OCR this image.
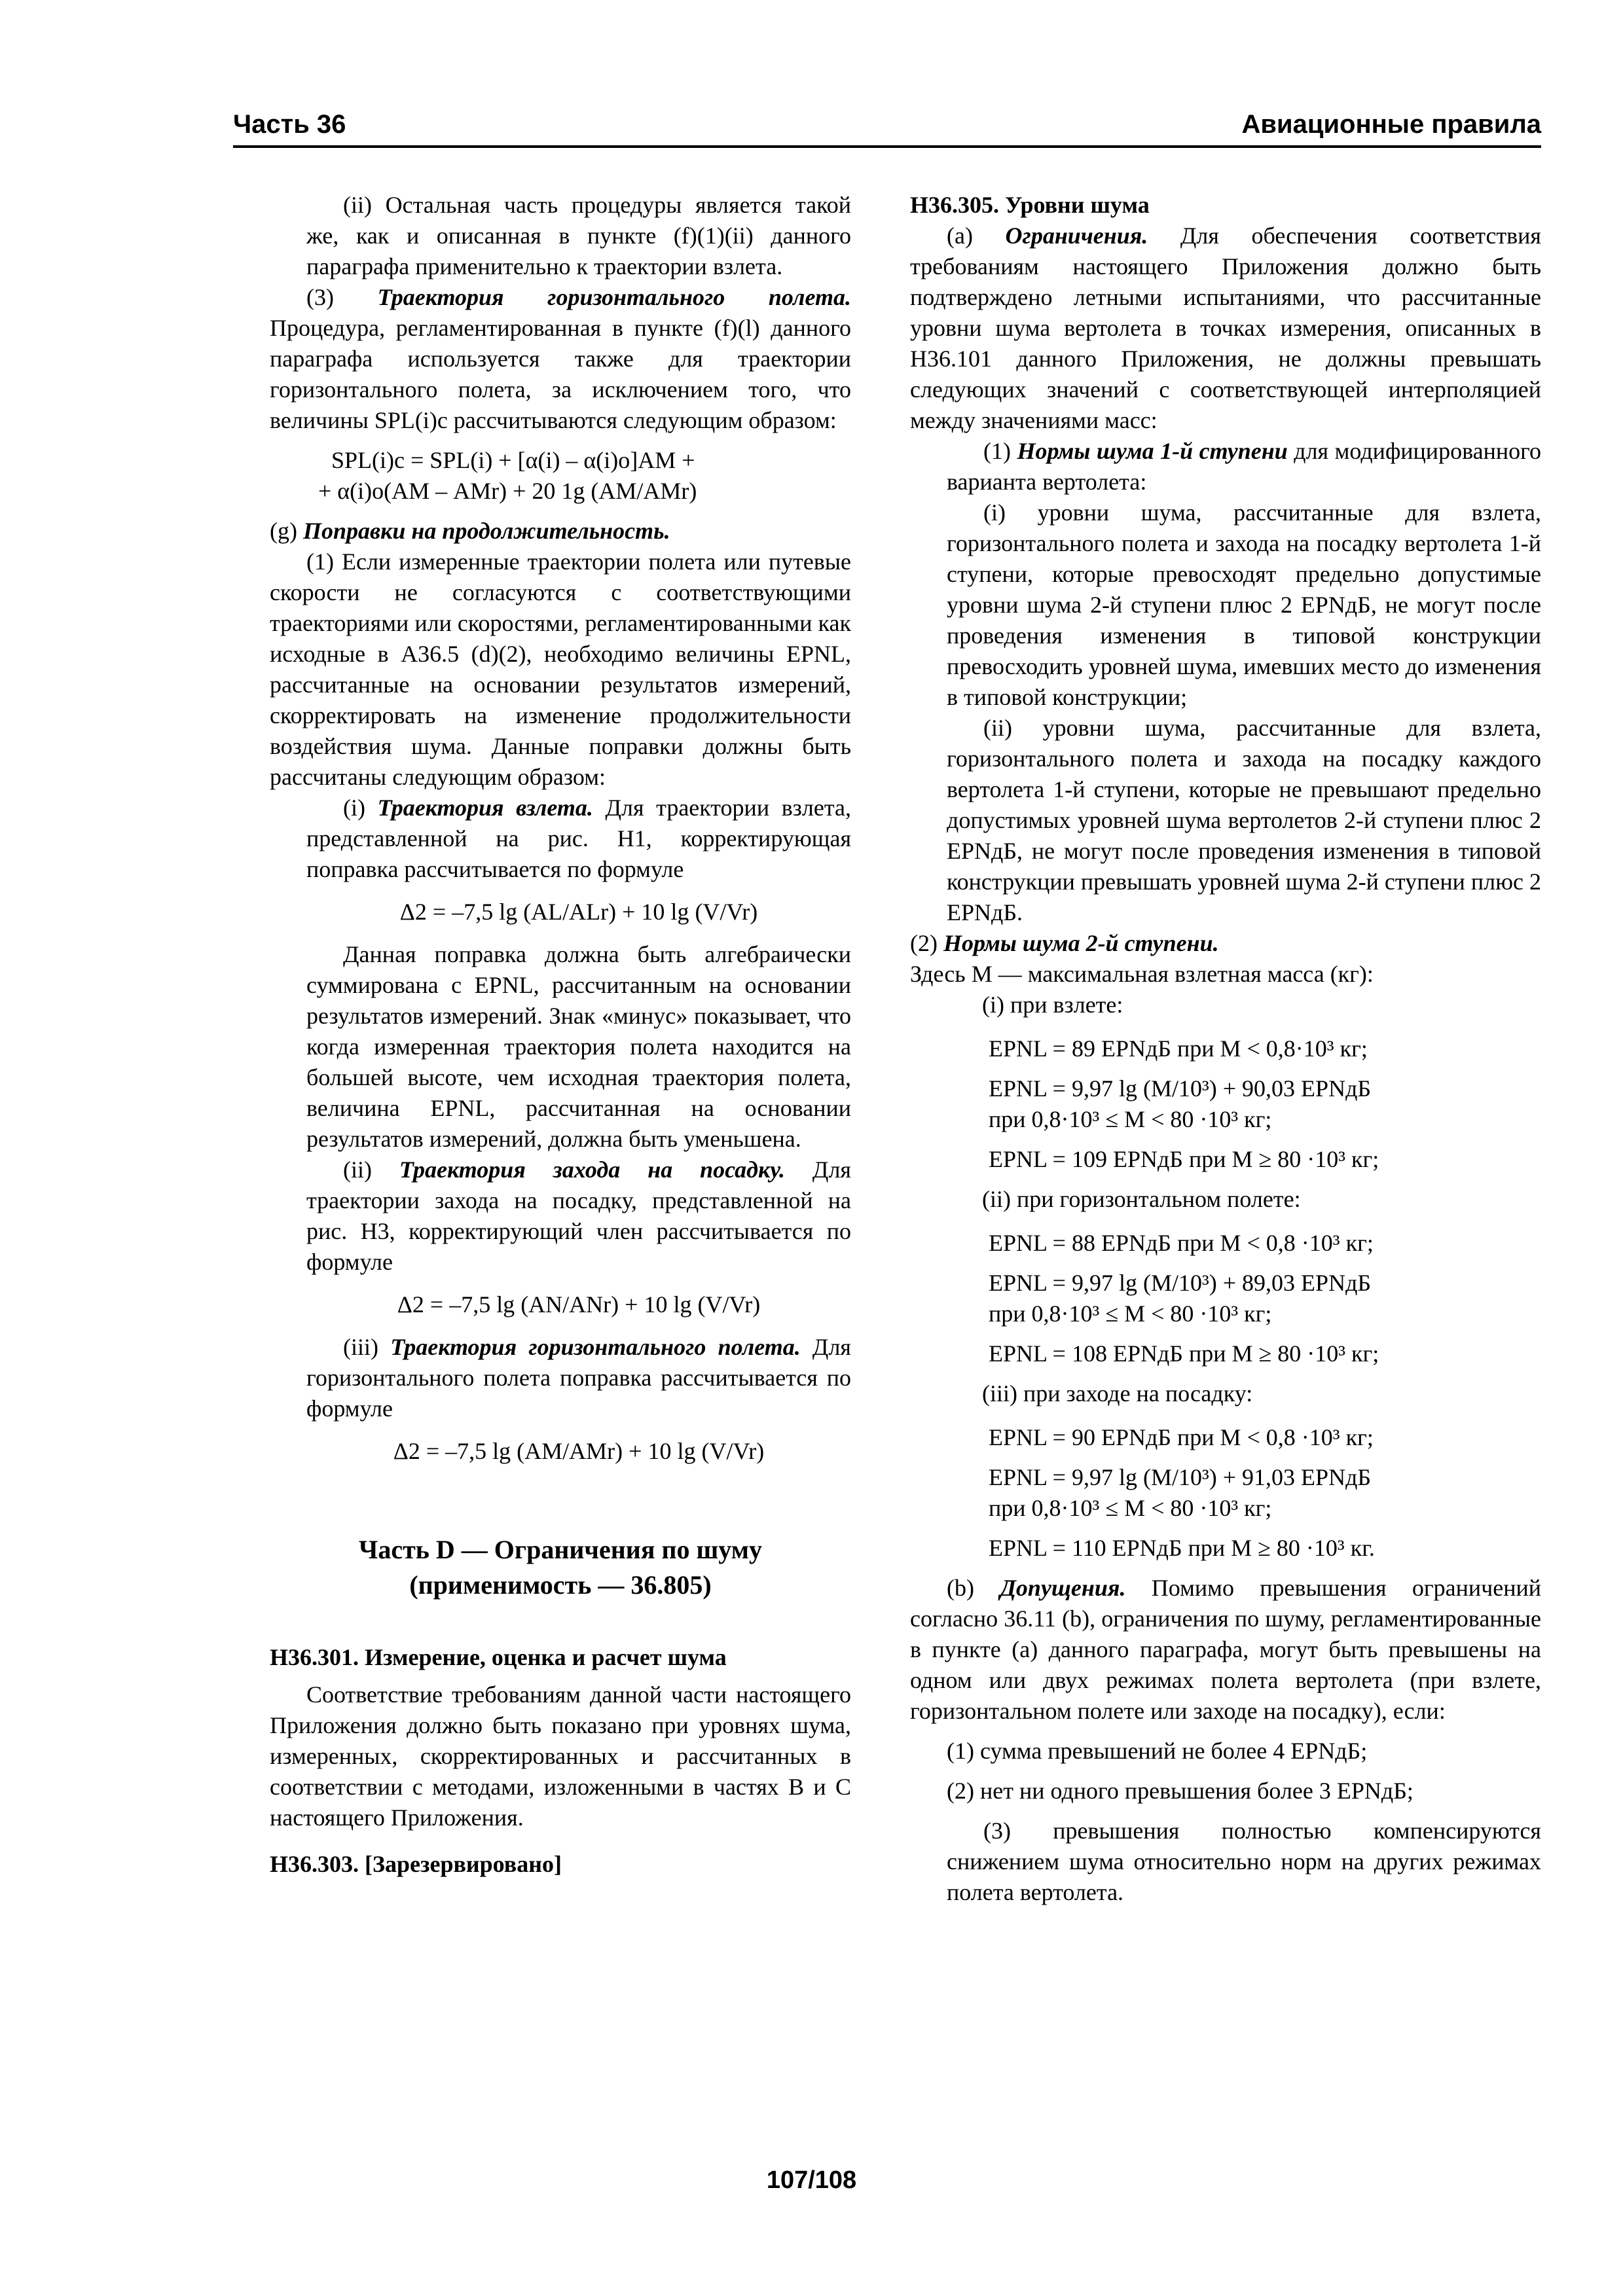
Часть 36	Авиационные правила

(ii) Остальная часть процедуры является такой же, как и описанная в пункте (f)(1)(ii) данного параграфа применительно к траектории взлета.

(3) Траектория горизонтального полета. Процедура, регламентированная в пункте (f)(l) данного параграфа используется также для траектории горизонтального полета, за исключением того, что величины SPL(i)с рассчитываются следующим образом:

SPL(i)с = SPL(i) + [α(i) – α(i)о]АМ +
+ α(i)о(АМ – АМr) + 20 1g (АМ/АМr)

(g) Поправки на продолжительность.

(1) Если измеренные траектории полета или путевые скорости не согласуются с соответствующими траекториями или скоростями, регламентированными как исходные в А36.5 (d)(2), необходимо величины EPNL, рассчитанные на основании результатов измерений, скорректировать на изменение продолжительности воздействия шума. Данные поправки должны быть рассчитаны следующим образом:

(i) Траектория взлета. Для траектории взлета, представленной на рис. H1, корректирующая поправка рассчитывается по формуле

Δ2 = –7,5 lg (AL/ALr) + 10 lg (V/Vr)

Данная поправка должна быть алгебраически суммирована с EPNL, рассчитанным на основании результатов измерений. Знак «минус» показывает, что когда измеренная траектория полета находится на большей высоте, чем исходная траектория полета, величина EPNL, рассчитанная на основании результатов измерений, должна быть уменьшена.

(ii) Траектория захода на посадку. Для траектории захода на посадку, представленной на рис. Н3, корректирующий член рассчитывается по формуле

Δ2 = –7,5 lg (AN/ANr) + 10 lg (V/Vr)

(iii) Траектория горизонтального полета. Для горизонтального полета поправка рассчитывается по формуле

Δ2 = –7,5 lg (AM/AMr) + 10 lg (V/Vr)

Часть D — Ограничения по шуму
(применимость — 36.805)

Н36.301. Измерение, оценка и расчет шума

Соответствие требованиям данной части настоящего Приложения должно быть показано при уровнях шума, измеренных, скорректированных и рассчитанных в соответствии с методами, изложенными в частях В и С настоящего Приложения.

Н36.303. [Зарезервировано]

Н36.305. Уровни шума

(а) Ограничения. Для обеспечения соответствия требованиям настоящего Приложения должно быть подтверждено летными испытаниями, что рассчитанные уровни шума вертолета в точках измерения, описанных в Н36.101 данного Приложения, не должны превышать следующих значений с соответствующей интерполяцией между значениями масс:

(1) Нормы шума 1-й ступени для модифицированного варианта вертолета:

(i) уровни шума, рассчитанные для взлета, горизонтального полета и захода на посадку вертолета 1-й ступени, которые превосходят предельно допустимые уровни шума 2-й ступени плюс 2 EPNдБ, не могут после проведения изменения в типовой конструкции превосходить уровней шума, имевших место до изменения в типовой конструкции;

(ii) уровни шума, рассчитанные для взлета, горизонтального полета и захода на посадку каждого вертолета 1-й ступени, которые не превышают предельно допустимых уровней шума вертолетов 2-й ступени плюс 2 EPNдБ, не могут после проведения изменения в типовой конструкции превышать уровней шума 2-й ступени плюс 2 EPNдБ.

(2) Нормы шума 2-й ступени.

Здесь М — максимальная взлетная масса (кг):

(i) при взлете:

EPNL = 89 EPNдБ при М < 0,8·10³ кг;

EPNL = 9,97 lg (M/10³) + 90,03 EPNдБ
при 0,8·10³ ≤ M < 80 ·10³ кг;

EPNL = 109 EPNдБ при М ≥ 80 ·10³ кг;

(ii) при горизонтальном полете:

EPNL = 88 EPNдБ при М < 0,8 ·10³ кг;

EPNL = 9,97 lg (M/10³) + 89,03 EPNдБ
при 0,8·10³ ≤ M < 80 ·10³ кг;

EPNL = 108 EPNдБ при М ≥ 80 ·10³ кг;

(iii) при заходе на посадку:

EPNL = 90 EPNдБ при М < 0,8 ·10³ кг;

EPNL = 9,97 lg (M/10³) + 91,03 EPNдБ
при 0,8·10³ ≤ M < 80 ·10³ кг;

EPNL = 110 EPNдБ при М ≥ 80 ·10³ кг.

(b) Допущения. Помимо превышения ограничений согласно 36.11 (b), ограничения по шуму, регламентированные в пункте (а) данного параграфа, могут быть превышены на одном или двух режимах полета вертолета (при взлете, горизонтальном полете или заходе на посадку), если:

(1) сумма превышений не более 4 EPNдБ;

(2) нет ни одного превышения более 3 EPNдБ;

(3) превышения полностью компенсируются снижением шума относительно норм на других режимах полета вертолета.

107/108
